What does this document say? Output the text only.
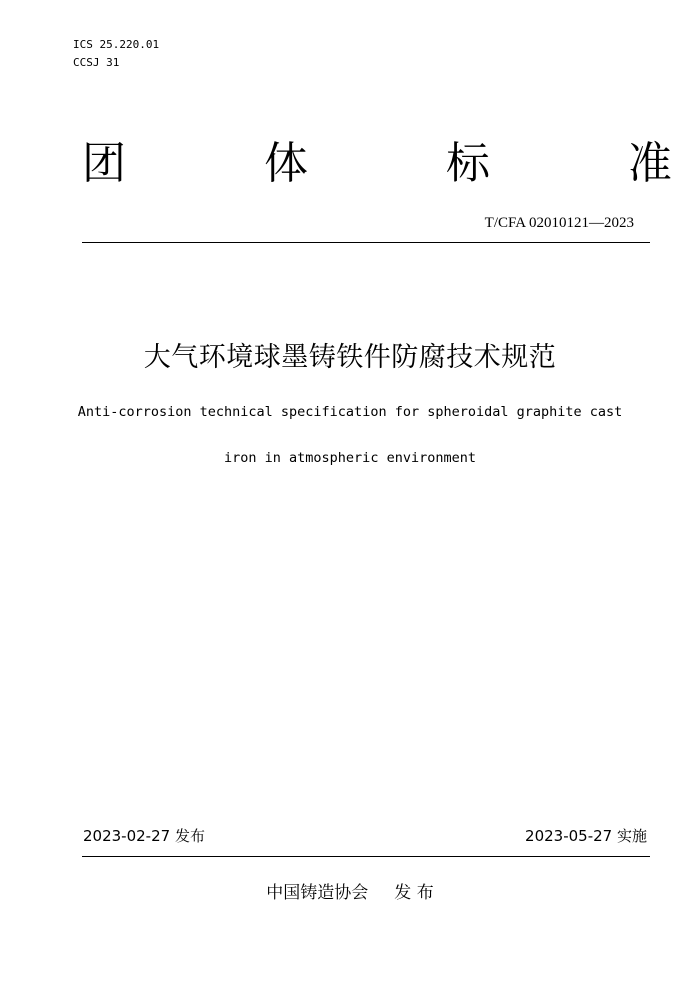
ICS 25.220.01
CCSJ 31
团	体	标	准
T/CFA 02010121—2023
大气环境球墨铸铁件防腐技术规范
Anti-corrosion technical specification for spheroidal graphite cast
iron in atmospheric environment
2023-02-27 发布	2023-05-27 实施
中国铸造协会 发 布
